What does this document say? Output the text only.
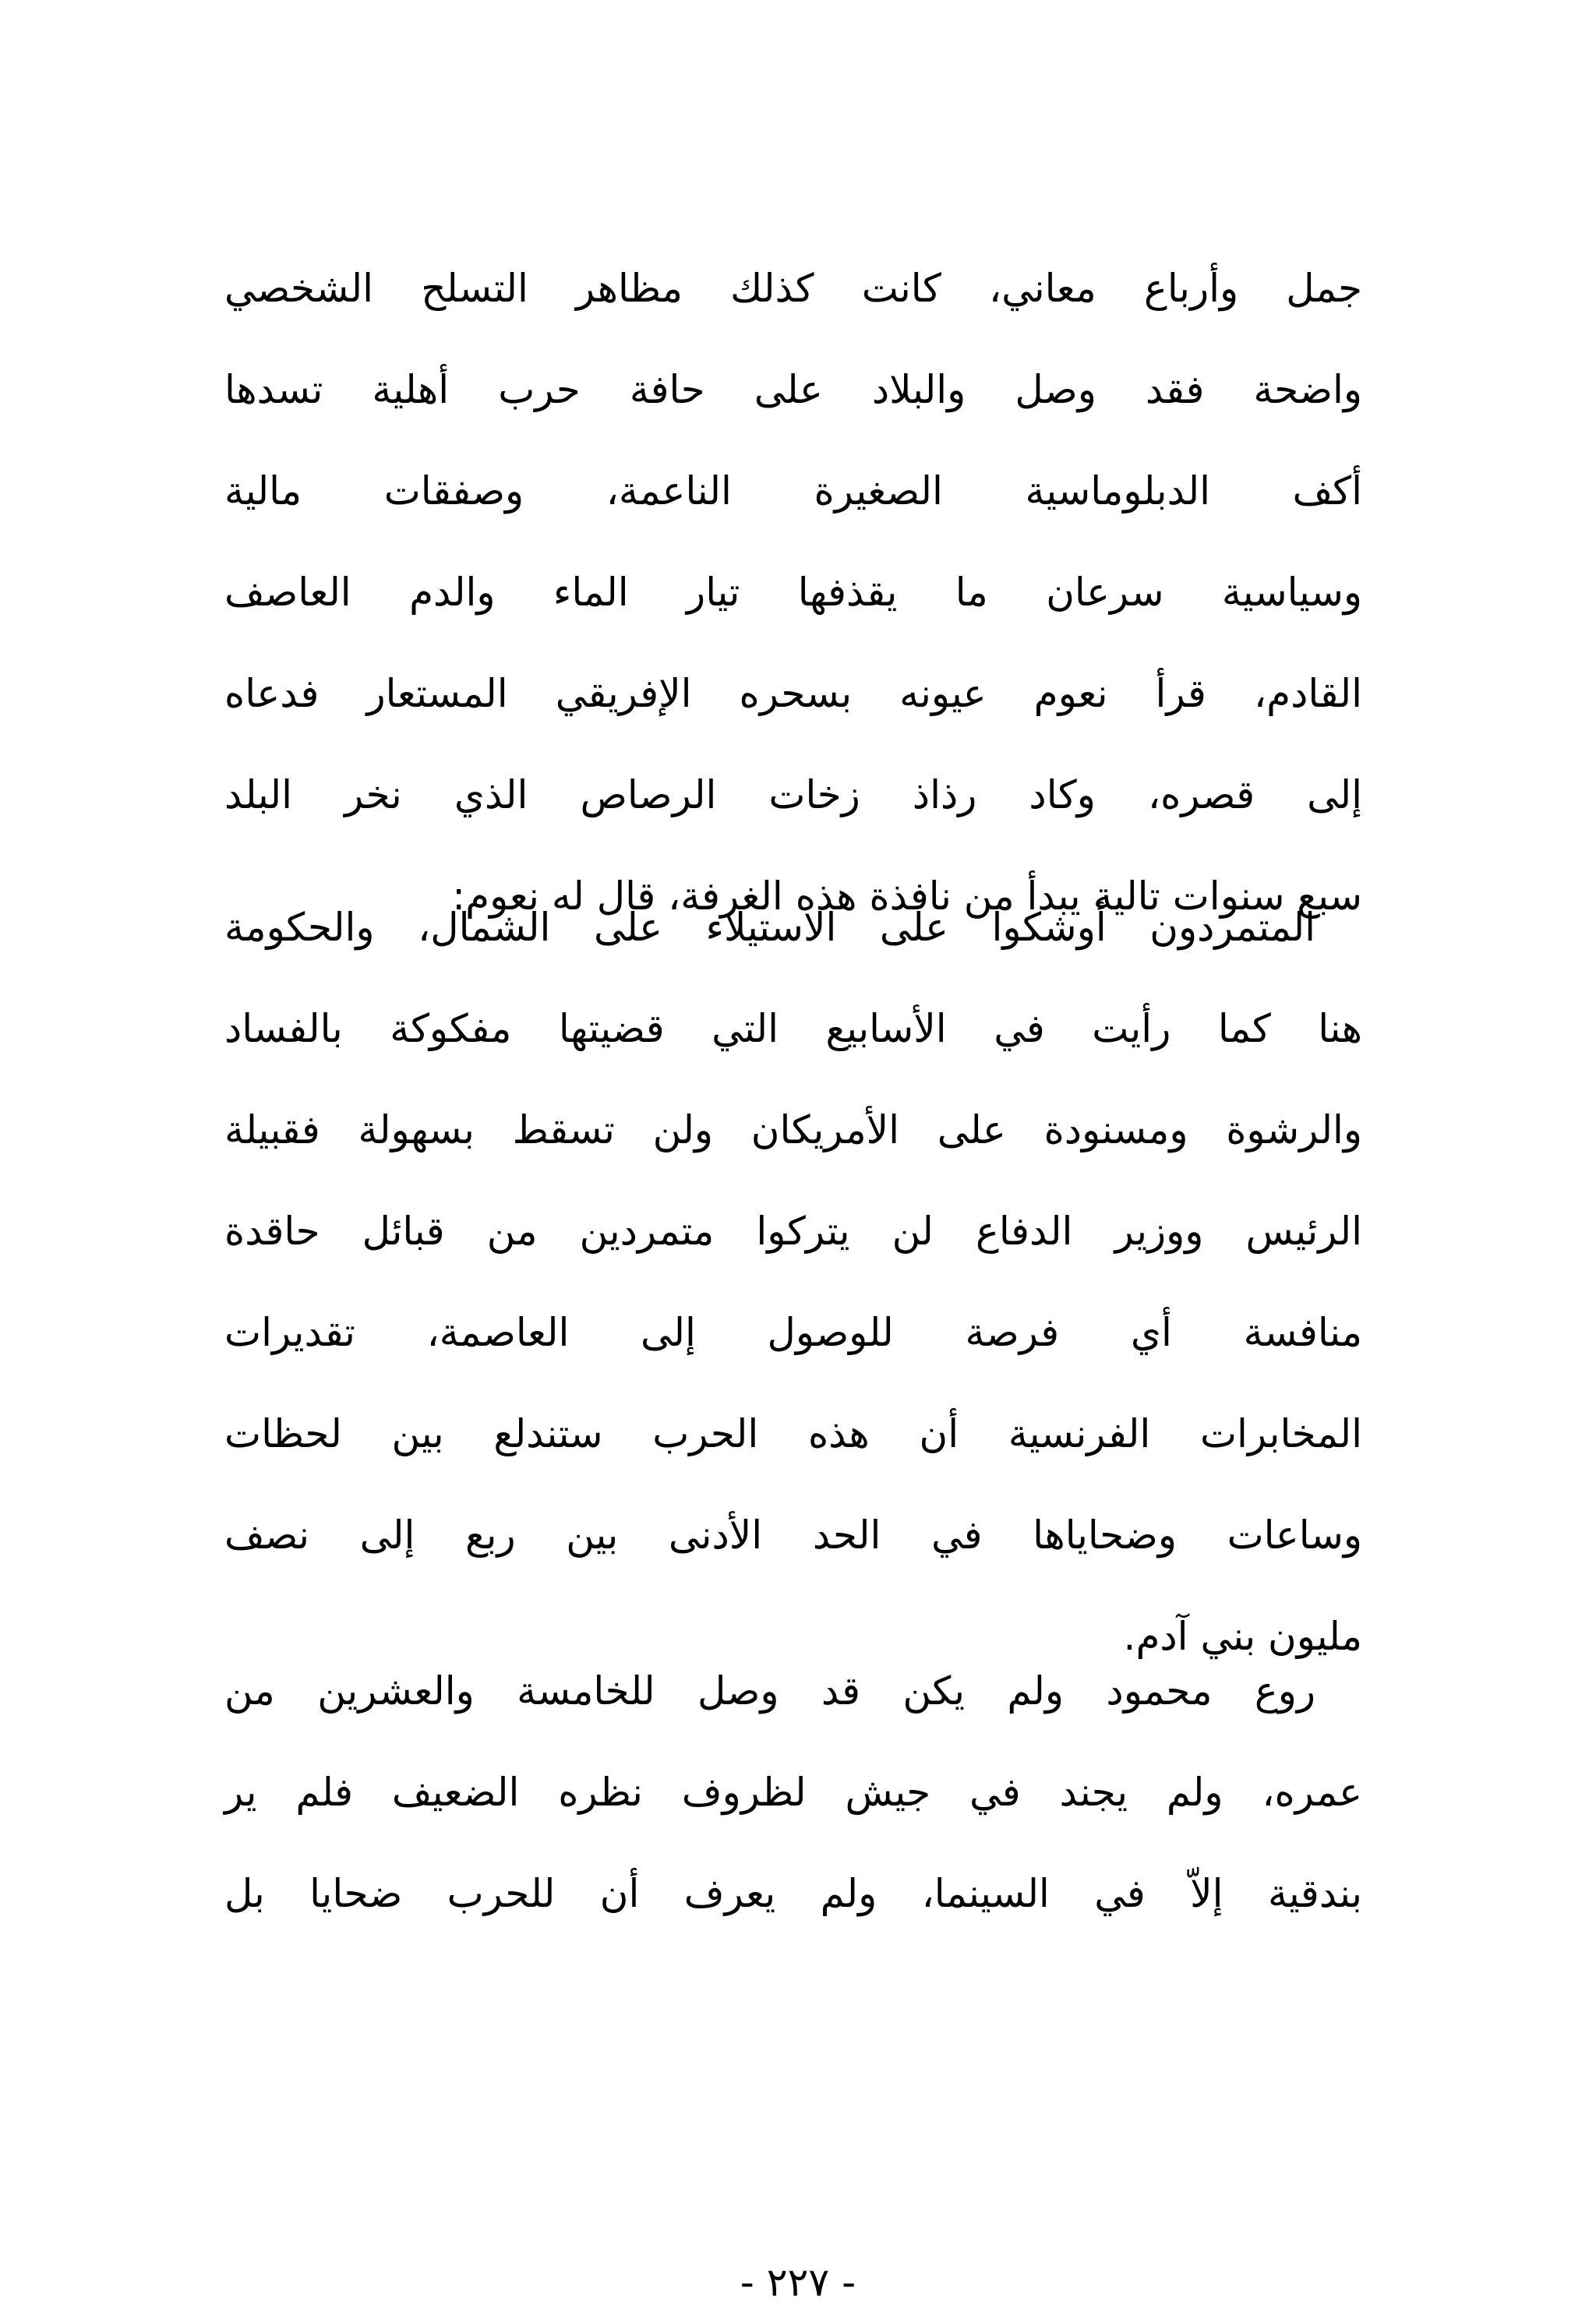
جمل وأرباع معاني، كانت كذلك مظاهر التسلح الشخصي
واضحة فقد وصل والبلاد على حافة حرب أهلية تسدها
أكف الدبلوماسية الصغيرة الناعمة، وصفقات مالية
وسياسية سرعان ما يقذفها تيار الماء والدم العاصف
القادم، قرأ نعوم عيونه بسحره الإفريقي المستعار فدعاه
إلى قصره، وكاد رذاذ زخات الرصاص الذي نخر البلد
سبع سنوات تالية يبدأ من نافذة هذه الغرفة، قال له نعوم:
المتمردون أوشكوا على الاستيلاء على الشمال، والحكومة
هنا كما رأيت في الأسابيع التي قضيتها مفكوكة بالفساد
والرشوة ومسنودة على الأمريكان ولن تسقط بسهولة فقبيلة
الرئيس ووزير الدفاع لن يتركوا متمردين من قبائل حاقدة
منافسة أي فرصة للوصول إلى العاصمة، تقديرات
المخابرات الفرنسية أن هذه الحرب ستندلع بين لحظات
وساعات وضحاياها في الحد الأدنى بين ربع إلى نصف
مليون بني آدم.
روع محمود ولم يكن قد وصل للخامسة والعشرين من
عمره، ولم يجند في جيش لظروف نظره الضعيف فلم ير
بندقية إلاّ في السينما، ولم يعرف أن للحرب ضحايا بل
- ٢٢٧ -
